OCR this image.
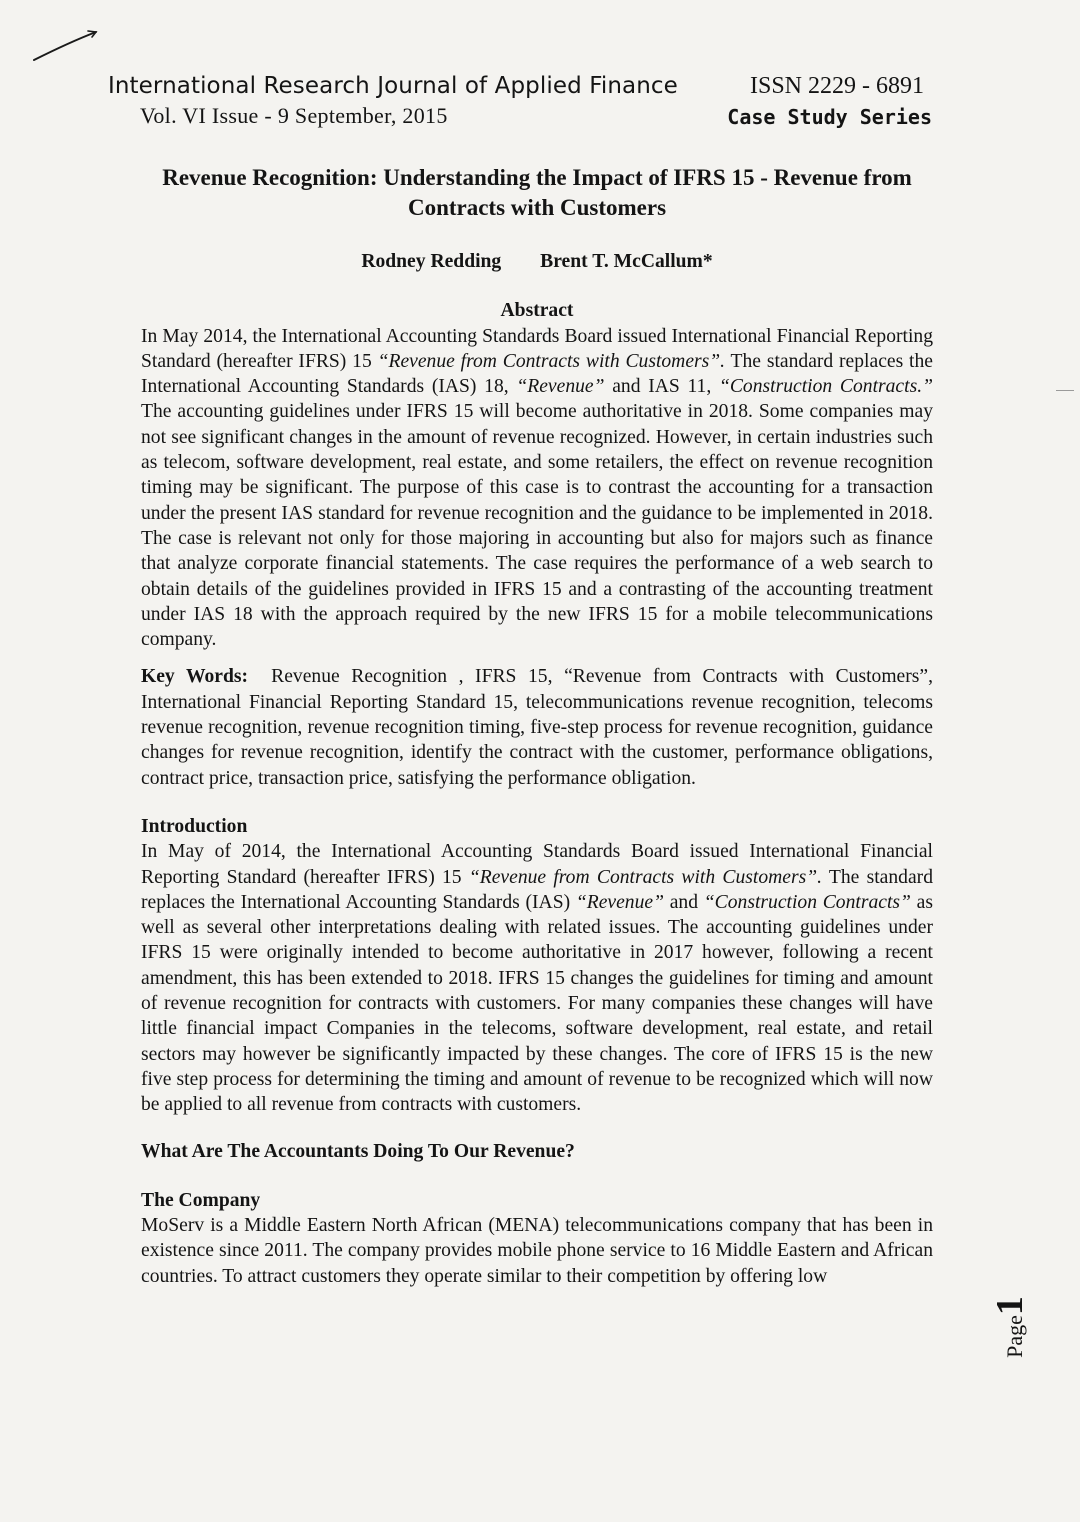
International Research Journal of Applied Finance	ISSN 2229 - 6891
Vol. VI Issue - 9 September, 2015	Case Study Series
Revenue Recognition: Understanding the Impact of IFRS 15 - Revenue from Contracts with Customers
Rodney Redding Brent T. McCallum*
Abstract

In May 2014, the International Accounting Standards Board issued International Financial Reporting Standard (hereafter IFRS) 15 “Revenue from Contracts with Customers”. The standard replaces the International Accounting Standards (IAS) 18, “Revenue” and IAS 11, “Construction Contracts.” The accounting guidelines under IFRS 15 will become authoritative in 2018. Some companies may not see significant changes in the amount of revenue recognized. However, in certain industries such as telecom, software development, real estate, and some retailers, the effect on revenue recognition timing may be significant. The purpose of this case is to contrast the accounting for a transaction under the present IAS standard for revenue recognition and the guidance to be implemented in 2018. The case is relevant not only for those majoring in accounting but also for majors such as finance that analyze corporate financial statements. The case requires the performance of a web search to obtain details of the guidelines provided in IFRS 15 and a contrasting of the accounting treatment under IAS 18 with the approach required by the new IFRS 15 for a mobile telecommunications company.

Key Words: Revenue Recognition , IFRS 15, “Revenue from Contracts with Customers”, International Financial Reporting Standard 15, telecommunications revenue recognition, telecoms revenue recognition, revenue recognition timing, five-step process for revenue recognition, guidance changes for revenue recognition, identify the contract with the customer, performance obligations, contract price, transaction price, satisfying the performance obligation.

Introduction

In May of 2014, the International Accounting Standards Board issued International Financial Reporting Standard (hereafter IFRS) 15 “Revenue from Contracts with Customers”. The standard replaces the International Accounting Standards (IAS) “Revenue” and “Construction Contracts” as well as several other interpretations dealing with related issues. The accounting guidelines under IFRS 15 were originally intended to become authoritative in 2017 however, following a recent amendment, this has been extended to 2018. IFRS 15 changes the guidelines for timing and amount of revenue recognition for contracts with customers. For many companies these changes will have little financial impact Companies in the telecoms, software development, real estate, and retail sectors may however be significantly impacted by these changes. The core of IFRS 15 is the new five step process for determining the timing and amount of revenue to be recognized which will now be applied to all revenue from contracts with customers.

What Are The Accountants Doing To Our Revenue?
The Company

MoServ is a Middle Eastern North African (MENA) telecommunications company that has been in existence since 2011. The company provides mobile phone service to 16 Middle Eastern and African countries. To attract customers they operate similar to their competition by offering low

Page1
